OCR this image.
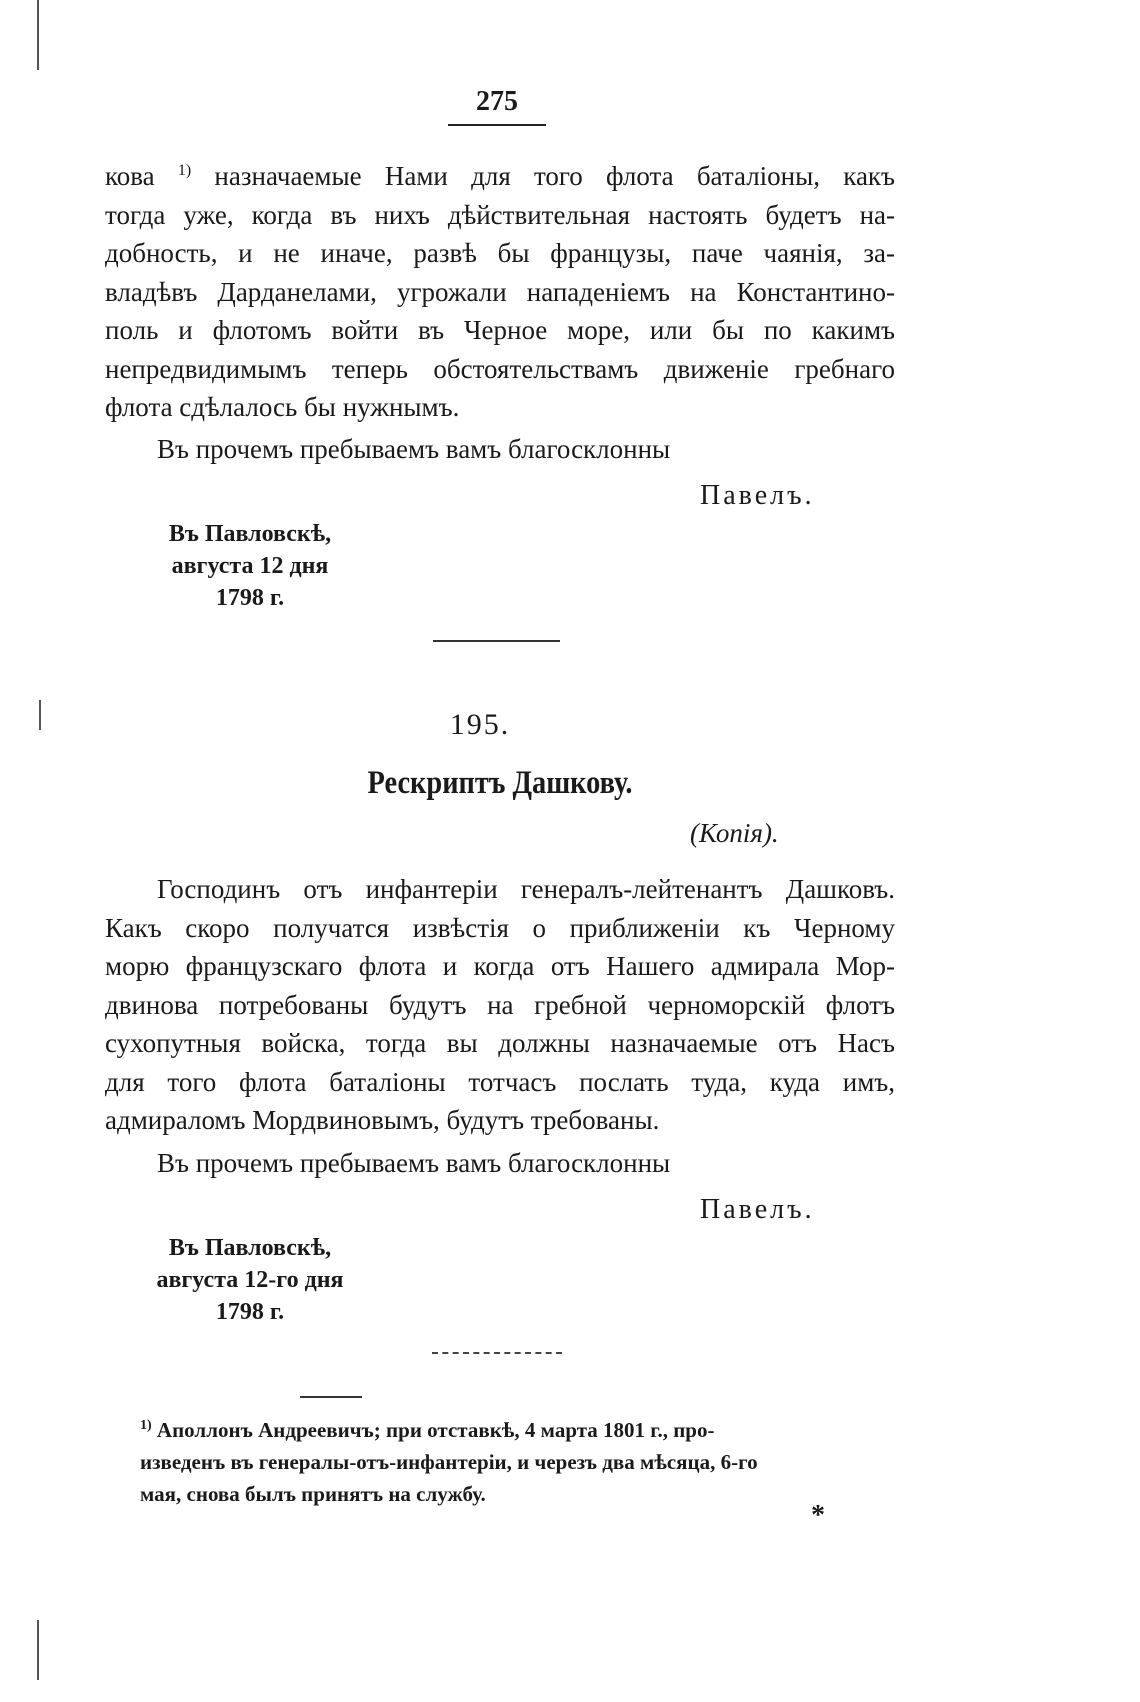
275
кова $^{1)}$ назначаемые Нами для того флота баталіоны, какъ
тогда уже, когда въ нихъ дѣйствительная настоять будетъ на-
добность, и не иначе, развѣ бы французы, паче чаянія, за-
владѣвъ Дарданелами, угрожали нападеніемъ на Константино-
поль и флотомъ войти въ Черное море, или бы по какимъ
непредвидимымъ теперь обстоятельствамъ движеніе гребнаго
флота сдѣлалось бы нужнымъ.
Въ прочемъ пребываемъ вамъ благосклонны
Павелъ.
Въ Павловскѣ,
августа 12 дня
1798 г.
195.
Рескриптъ Дашкову.
(Копія).
Господинъ отъ инфантеріи генералъ-лейтенантъ Дашковъ.
Какъ скоро получатся извѣстія о приближеніи къ Черному
морю французскаго флота и когда отъ Нашего адмирала Мор-
двинова потребованы будутъ на гребной черноморскій флотъ
сухопутныя войска, тогда вы должны назначаемые отъ Насъ
для того флота баталіоны тотчасъ послать туда, куда имъ,
адмираломъ Мордвиновымъ, будутъ требованы.
Въ прочемъ пребываемъ вамъ благосклонны
Павелъ.
Въ Павловскѣ,
августа 12-го дня
1798 г.
$^{1)}$ Аполлонъ Андреевичъ; при отставкѣ, 4 марта 1801 г., про-
изведенъ въ генералы-отъ-инфантеріи, и черезъ два мѣсяца, 6-го
мая, снова былъ принятъ на службу.
*
